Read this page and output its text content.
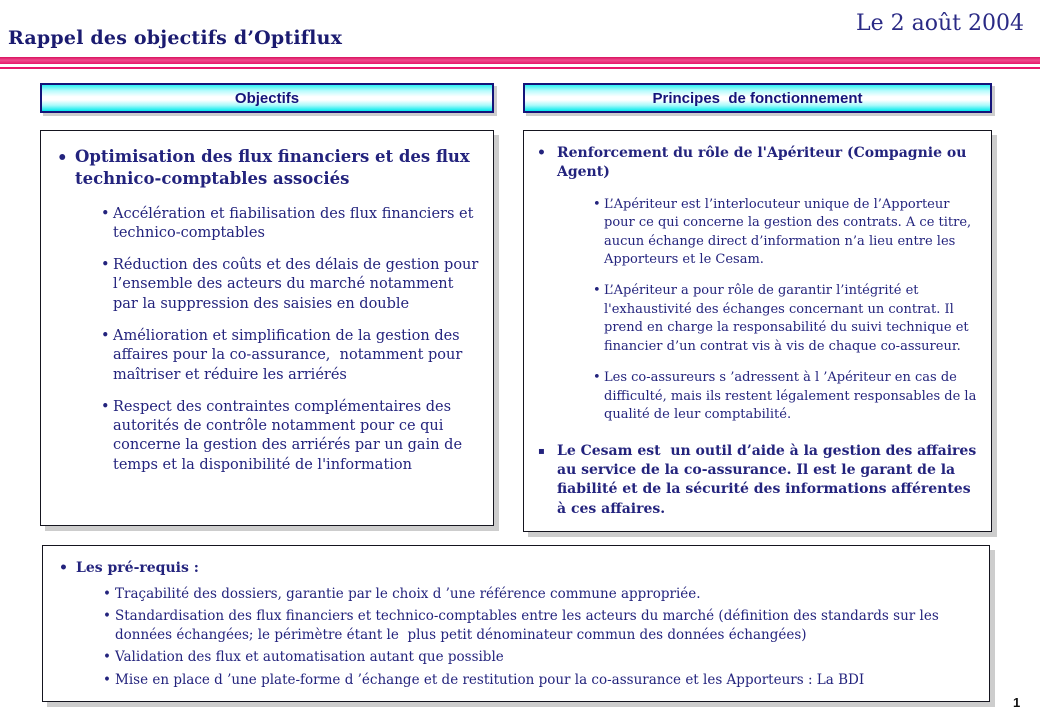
Rappel des objectifs d’Optiflux
Le 2 août 2004
Objectifs	Principes  de fonctionnement
• Optimisation des flux financiers et des flux technico-comptables associés
• Accélération et fiabilisation des flux financiers et technico-comptables
• Réduction des coûts et des délais de gestion pour l’ensemble des acteurs du marché notamment par la suppression des saisies en double
• Amélioration et simplification de la gestion des affaires pour la co-assurance,  notamment pour maîtriser et réduire les arriérés
• Respect des contraintes complémentaires des autorités de contrôle notamment pour ce qui concerne la gestion des arriérés par un gain de temps et la disponibilité de l'information
• Renforcement du rôle de l'Apériteur (Compagnie ou Agent)
• L’Apériteur est l’interlocuteur unique de l’Apporteur pour ce qui concerne la gestion des contrats. A ce titre, aucun échange direct d’information n’a lieu entre les Apporteurs et le Cesam.
• L’Apériteur a pour rôle de garantir l’intégrité et l'exhaustivité des échanges concernant un contrat. Il prend en charge la responsabilité du suivi technique et financier d’un contrat vis à vis de chaque co-assureur.
• Les co-assureurs s ’adressent à l ’Apériteur en cas de difficulté, mais ils restent légalement responsables de la qualité de leur comptabilité.
▪ Le Cesam est  un outil d’aide à la gestion des affaires au service de la co-assurance. Il est le garant de la fiabilité et de la sécurité des informations afférentes à ces affaires.
• Les pré-requis :
• Traçabilité des dossiers, garantie par le choix d ’une référence commune appropriée.
• Standardisation des flux financiers et technico-comptables entre les acteurs du marché (définition des standards sur les données échangées; le périmètre étant le  plus petit dénominateur commun des données échangées)
• Validation des flux et automatisation autant que possible
• Mise en place d ’une plate-forme d ’échange et de restitution pour la co-assurance et les Apporteurs : La BDI
1
